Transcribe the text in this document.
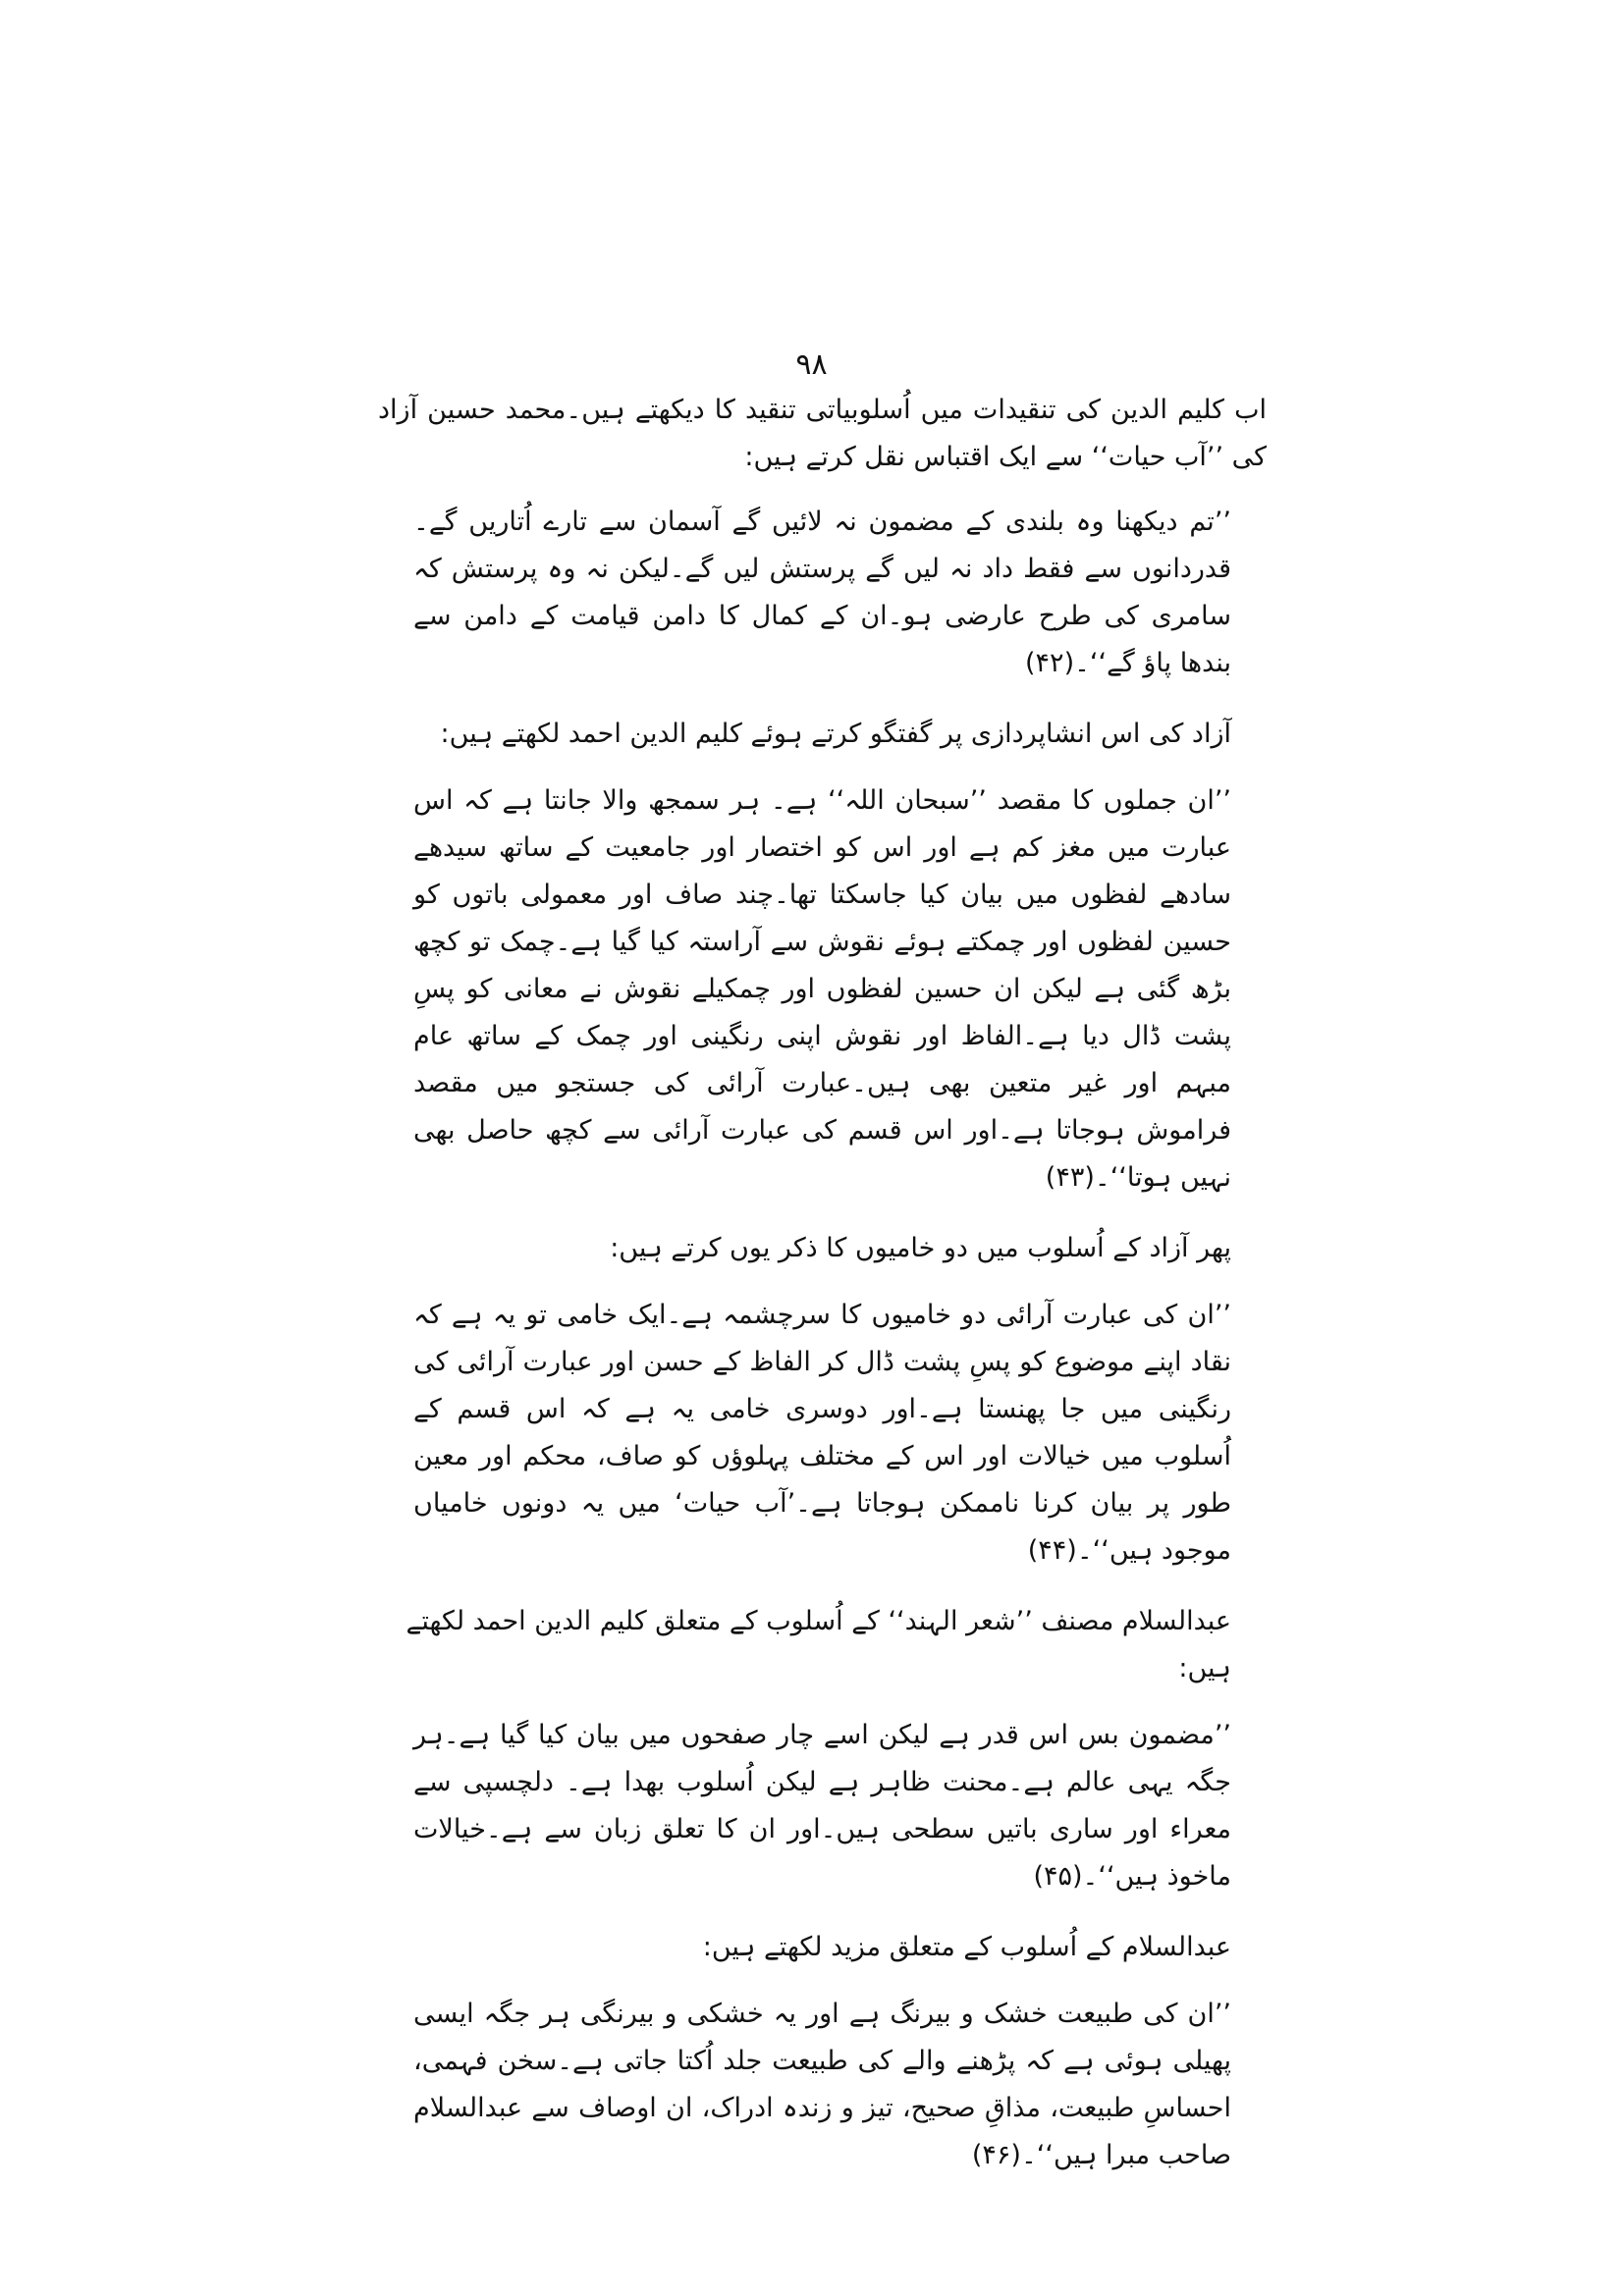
۹۸

اب کلیم الدین کی تنقیدات میں اُسلوبیاتی تنقید کا دیکھتے ہیں۔محمد حسین آزاد کی ’’آب حیات‘‘ سے ایک اقتباس نقل کرتے ہیں:

’’تم دیکھنا وہ بلندی کے مضمون نہ لائیں گے آسمان سے تارے اُتاریں گے۔قدردانوں سے فقط داد نہ لیں گے پرستش لیں گے۔لیکن نہ وہ پرستش کہ سامری کی طرح عارضی ہو۔ان کے کمال کا دامن قیامت کے دامن سے بندھا پاؤ گے‘‘۔(۴۲)

آزاد کی اس انشاپردازی پر گفتگو کرتے ہوئے کلیم الدین احمد لکھتے ہیں:

’’ان جملوں کا مقصد ’’سبحان اللہ‘‘ ہے۔ ہر سمجھ والا جانتا ہے کہ اس عبارت میں مغز کم ہے اور اس کو اختصار اور جامعیت کے ساتھ سیدھے سادھے لفظوں میں بیان کیا جاسکتا تھا۔چند صاف اور معمولی باتوں کو حسین لفظوں اور چمکتے ہوئے نقوش سے آراستہ کیا گیا ہے۔چمک تو کچھ بڑھ گئی ہے لیکن ان حسین لفظوں اور چمکیلے نقوش نے معانی کو پسِ پشت ڈال دیا ہے۔الفاظ اور نقوش اپنی رنگینی اور چمک کے ساتھ عام مبہم اور غیر متعین بھی ہیں۔عبارت آرائی کی جستجو میں مقصد فراموش ہوجاتا ہے۔اور اس قسم کی عبارت آرائی سے کچھ حاصل بھی نہیں ہوتا‘‘۔(۴۳)

پھر آزاد کے اُسلوب میں دو خامیوں کا ذکر یوں کرتے ہیں:

’’ان کی عبارت آرائی دو خامیوں کا سرچشمہ ہے۔ایک خامی تو یہ ہے کہ نقاد اپنے موضوع کو پسِ پشت ڈال کر الفاظ کے حسن اور عبارت آرائی کی رنگینی میں جا پھنستا ہے۔اور دوسری خامی یہ ہے کہ اس قسم کے اُسلوب میں خیالات اور اس کے مختلف پہلوؤں کو صاف، محکم اور معین طور پر بیان کرنا ناممکن ہوجاتا ہے۔’آب حیات‘ میں یہ دونوں خامیاں موجود ہیں‘‘۔(۴۴)

عبدالسلام مصنف ’’شعر الہند‘‘ کے اُسلوب کے متعلق کلیم الدین احمد لکھتے ہیں:

’’مضمون بس اس قدر ہے لیکن اسے چار صفحوں میں بیان کیا گیا ہے۔ہر جگہ یہی عالم ہے۔محنت ظاہر ہے لیکن اُسلوب بھدا ہے۔ دلچسپی سے معراء اور ساری باتیں سطحی ہیں۔اور ان کا تعلق زبان سے ہے۔خیالات ماخوذ ہیں‘‘۔(۴۵)

عبدالسلام کے اُسلوب کے متعلق مزید لکھتے ہیں:

’’ان کی طبیعت خشک و بیرنگ ہے اور یہ خشکی و بیرنگی ہر جگہ ایسی پھیلی ہوئی ہے کہ پڑھنے والے کی طبیعت جلد اُکتا جاتی ہے۔سخن فہمی، احساسِ طبیعت، مذاقِ صحیح، تیز و زندہ ادراک، ان اوصاف سے عبدالسلام صاحب مبرا ہیں‘‘۔(۴۶)
